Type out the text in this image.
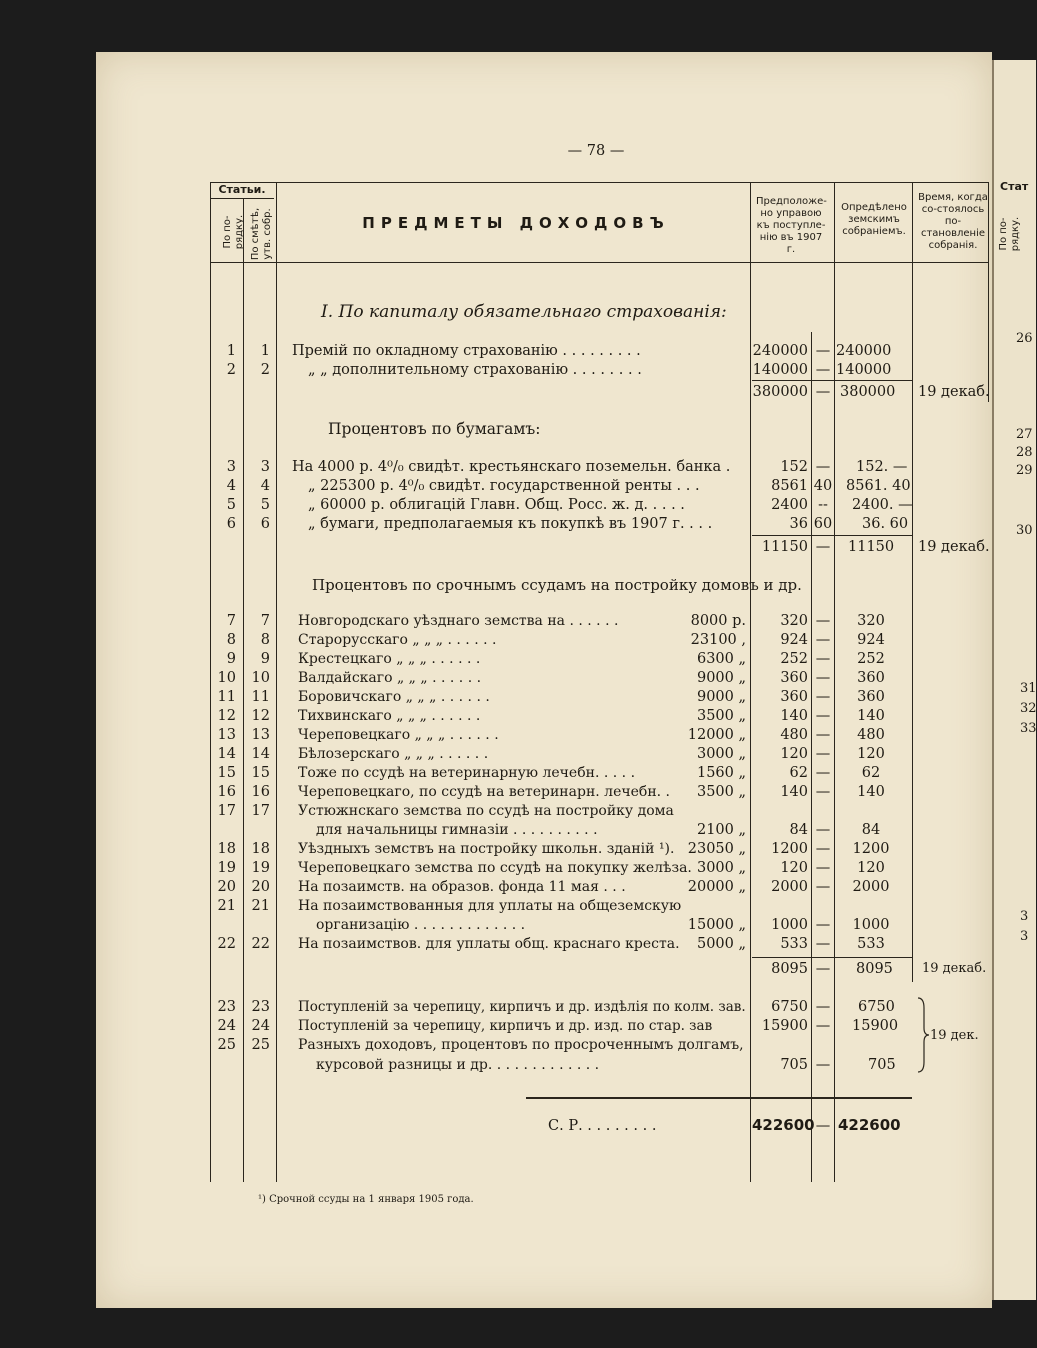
— 78 —
Статьи.
По по-рядку. По смѣтѣ, утв. собр.	ПРЕДМЕТЫ ДОХОДОВЪ
Предположе-но управою къ поступле-нію въ 1907 г.
Опредѣлено земскимъ собраніемъ.
Время, когда со-стоялось по-становленіе собранія.
I. По капиталу обязательнаго страхованія:
1	1 Премій по окладному страхованію . . . . . . . . .	240000 — 240000
2	2	„ „ дополнительному страхованію . . . . . . . .	140000 — 140000
380000 — 380000 19 декаб.
Процентовъ по бумагамъ:
3	3 На 4000 р. 4⁰/₀ свидѣт. крестьянскаго поземельн. банка .	152 — 152. —
4	4	„ 225300 р. 4⁰/₀ свидѣт. государственной ренты . . .	8561 40 8561. 40
5	5	„ 60000 р. облигацій Главн. Общ. Росс. ж. д. . . . .	2400 --	2400. —
6	6	„ бумаги, предполагаемыя къ покупкѣ въ 1907 г. . . .	36 60 36. 60
11150 — 11150 19 декаб.
Процентовъ по срочнымъ ссудамъ на постройку домовъ и др.
7	7 Новгородскаго уѣзднаго земства на . . . . . .	8000 р.	320 —	320
8	8 Старорусскаго „ „ „ . . . . . .	23100 ,	924 —	924
9	9 Крестецкаго „ „ „ . . . . . .	6300 „	252 —	252
10	10 Валдайскаго „ „ „ . . . . . .	9000 „	360 —	360
11	11 Боровичскаго „ „ „ . . . . . .	9000 „	360 —	360
12	12 Тихвинскаго „ „ „ . . . . . .	3500 „	140 —	140
13	13 Череповецкаго „ „ „ . . . . . .	12000 „	480 —	480
14	14 Бѣлозерскаго „ „ „ . . . . . .	3000 „	120 —	120
15	15 Тоже по ссудѣ на ветеринарную лечебн. . . . .	1560 „	62 —	62
16	16 Череповецкаго, по ссудѣ на ветеринарн. лечебн. .	3500 „	140 —	140
17	17 Устюжнскаго земства по ссудѣ на постройку дома
для начальницы гимназіи . . . . . . . . . .	2100 „	84 —	84
18	18 Уѣздныхъ земствъ на постройку школьн. зданій ¹). 23050 „	1200 —	1200
19	19 Череповецкаго земства по ссудѣ на покупку желѣза. 3000 „	120 —	120
20	20 На позаимств. на образов. фонда 11 мая . . .	20000 „	2000 —	2000
21	21 На позаимствованныя для уплаты на общеземскую
организацію . . . . . . . . . . . . .	15000 „	1000 —	1000
22	22 На позаимствов. для уплаты общ. краснаго креста.	5000 „	533 —	533
8095 — 8095 19 декаб.
23	23 Поступленій за черепицу, кирпичъ и др. издѣлія по колм. зав.	6750 — 6750
24	24 Поступленій за черепицу, кирпичъ и др. изд. по стар. зав	15900 — 15900
25	25 Разныхъ доходовъ, процентовъ по просроченнымъ долгамъ,
курсовой разницы и др. . . . . . . . . . . . .	705 —	705
19 дек.
С. Р. . . . . . . . .	422600 — 422600
¹) Срочной ссуды на 1 января 1905 года.
Стат
По по-рядку.
26
27
28
29
30
31
32
33
3
3
